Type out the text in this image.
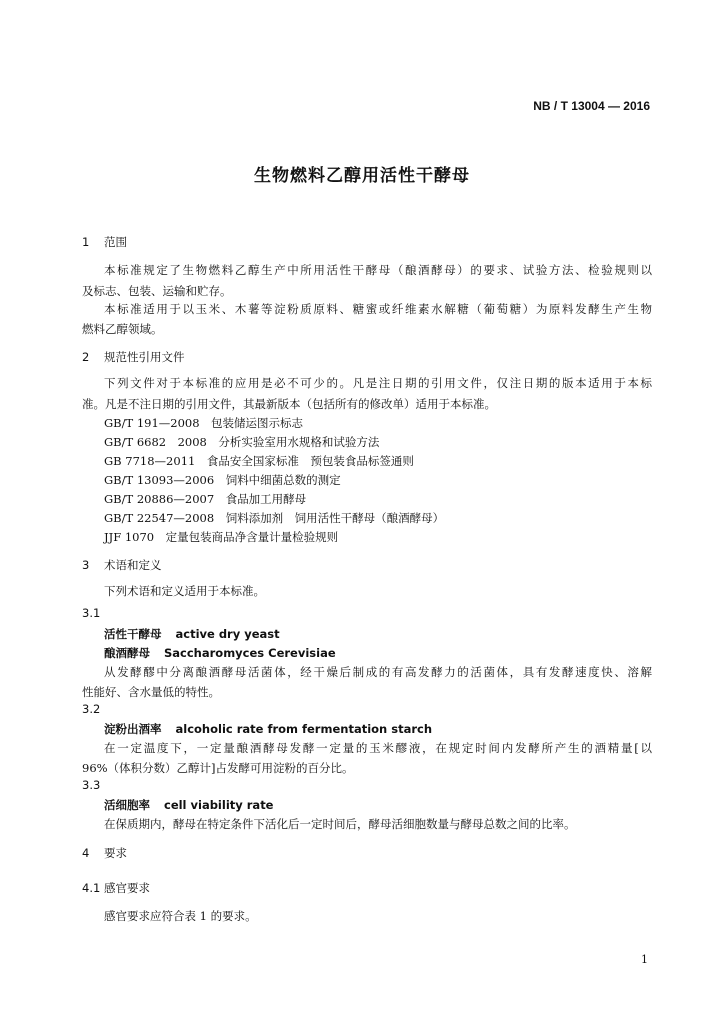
NB / T 13004 — 2016
生物燃料乙醇用活性干酵母
1 范围
本标准规定了生物燃料乙醇生产中所用活性干酵母（酿酒酵母）的要求、试验方法、检验规则以
及标志、包装、运输和贮存。
本标准适用于以玉米、木薯等淀粉质原料、糖蜜或纤维素水解糖（葡萄糖）为原料发酵生产生物
燃料乙醇领域。
2 规范性引用文件
下列文件对于本标准的应用是必不可少的。凡是注日期的引用文件，仅注日期的版本适用于本标
准。凡是不注日期的引用文件，其最新版本（包括所有的修改单）适用于本标准。
GB/T 191—2008　包装储运图示标志
GB/T 6682　2008　分析实验室用水规格和试验方法
GB 7718—2011　食品安全国家标准　预包装食品标签通则
GB/T 13093—2006　饲料中细菌总数的测定
GB/T 20886—2007　食品加工用酵母
GB/T 22547—2008　饲料添加剂　饲用活性干酵母（酿酒酵母）
JJF 1070　定量包装商品净含量计量检验规则
3 术语和定义
下列术语和定义适用于本标准。
3.1
活性干酵母 active dry yeast
酿酒酵母 Saccharomyces Cerevisiae
从发酵醪中分离酿酒酵母活菌体，经干燥后制成的有高发酵力的活菌体，具有发酵速度快、溶解
性能好、含水量低的特性。
3.2
淀粉出酒率 alcoholic rate from fermentation starch
在一定温度下，一定量酿酒酵母发酵一定量的玉米醪液，在规定时间内发酵所产生的酒精量[以
96%（体积分数）乙醇计]占发酵可用淀粉的百分比。
3.3
活细胞率 cell viability rate
在保质期内，酵母在特定条件下活化后一定时间后，酵母活细胞数量与酵母总数之间的比率。
4 要求
4.1 感官要求
感官要求应符合表 1 的要求。
1
